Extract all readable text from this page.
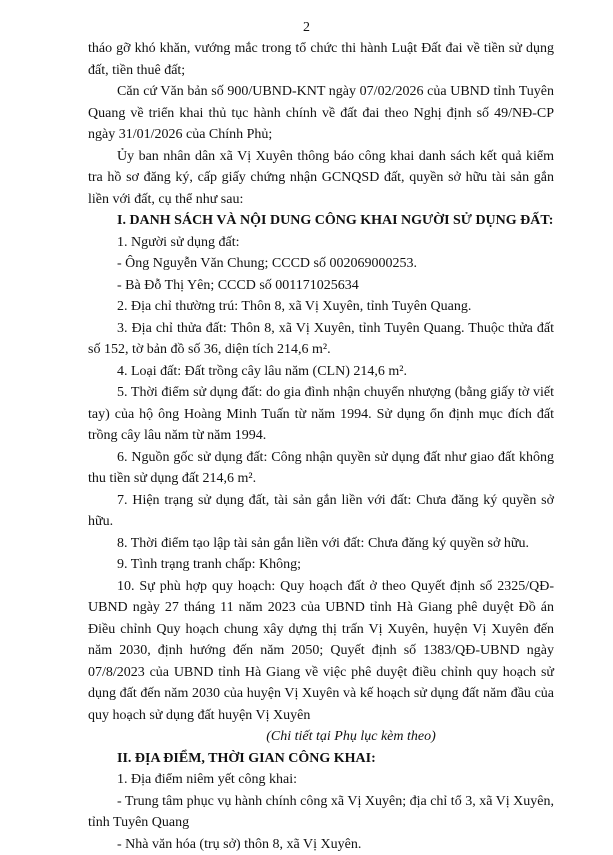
2

tháo gỡ khó khăn, vướng mắc trong tổ chức thi hành Luật Đất đai về tiền sử dụng đất, tiền thuê đất;

Căn cứ Văn bản số 900/UBND-KNT ngày 07/02/2026 của UBND tỉnh Tuyên Quang về triển khai thủ tục hành chính về đất đai theo Nghị định số 49/NĐ-CP ngày 31/01/2026 của Chính Phủ;

Ủy ban nhân dân xã Vị Xuyên thông báo công khai danh sách kết quả kiểm tra hồ sơ đăng ký, cấp giấy chứng nhận GCNQSD đất, quyền sở hữu tài sản gắn liền với đất, cụ thể như sau:

I. DANH SÁCH VÀ NỘI DUNG CÔNG KHAI NGƯỜI SỬ DỤNG ĐẤT:

1. Người sử dụng đất:

- Ông Nguyễn Văn Chung; CCCD số 002069000253.

- Bà Đỗ Thị Yên; CCCD số 001171025634

2. Địa chỉ thường trú: Thôn 8, xã Vị Xuyên, tỉnh Tuyên Quang.

3. Địa chỉ thửa đất: Thôn 8, xã Vị Xuyên, tỉnh Tuyên Quang. Thuộc thửa đất số 152, tờ bản đồ số 36, diện tích 214,6 m².

4. Loại đất: Đất trồng cây lâu năm (CLN) 214,6 m².

5. Thời điểm sử dụng đất: do gia đình nhận chuyển nhượng (bằng giấy tờ viết tay) của hộ ông Hoàng Minh Tuấn từ năm 1994. Sử dụng ổn định mục đích đất trồng cây lâu năm từ năm 1994.

6. Nguồn gốc sử dụng đất: Công nhận quyền sử dụng đất như giao đất không thu tiền sử dụng đất 214,6 m².

7. Hiện trạng sử dụng đất, tài sản gắn liền với đất: Chưa đăng ký quyền sở hữu.

8. Thời điểm tạo lập tài sản gắn liền với đất: Chưa đăng ký quyền sở hữu.

9. Tình trạng tranh chấp: Không;

10. Sự phù hợp quy hoạch: Quy hoạch đất ở theo Quyết định số 2325/QĐ-UBND ngày 27 tháng 11 năm 2023 của UBND tỉnh Hà Giang phê duyệt Đồ án Điều chỉnh Quy hoạch chung xây dựng thị trấn Vị Xuyên, huyện Vị Xuyên đến năm 2030, định hướng đến năm 2050; Quyết định số 1383/QĐ-UBND ngày 07/8/2023 của UBND tỉnh Hà Giang về việc phê duyệt điều chỉnh quy hoạch sử dụng đất đến năm 2030 của huyện Vị Xuyên và kế hoạch sử dụng đất năm đầu của quy hoạch sử dụng đất huyện Vị Xuyên

(Chi tiết tại Phụ lục kèm theo)

II. ĐỊA ĐIỂM, THỜI GIAN CÔNG KHAI:

1. Địa điểm niêm yết công khai:

- Trung tâm phục vụ hành chính công xã Vị Xuyên; địa chỉ tổ 3, xã Vị Xuyên, tỉnh Tuyên Quang

- Nhà văn hóa (trụ sở) thôn 8, xã Vị Xuyên.
